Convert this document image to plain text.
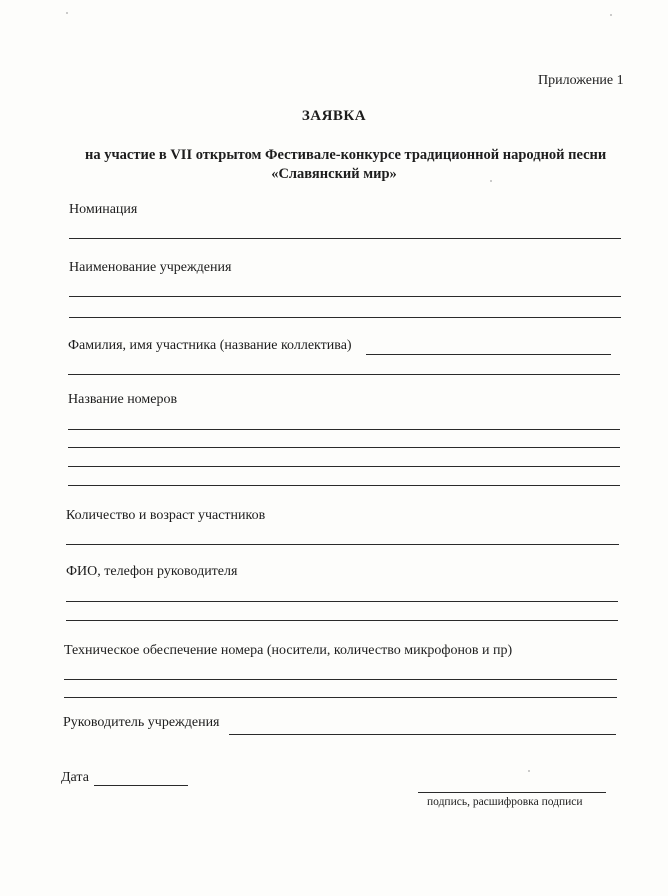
Приложение 1
ЗАЯВКА
на участие в VII открытом Фестивале-конкурсе традиционной народной песни
«Славянский мир»
Номинация
Наименование учреждения
Фамилия, имя участника (название коллектива)
Название номеров
Количество и возраст участников
ФИО, телефон руководителя
Техническое обеспечение номера (носители, количество микрофонов и пр)
Руководитель учреждения
Дата
подпись, расшифровка подписи
